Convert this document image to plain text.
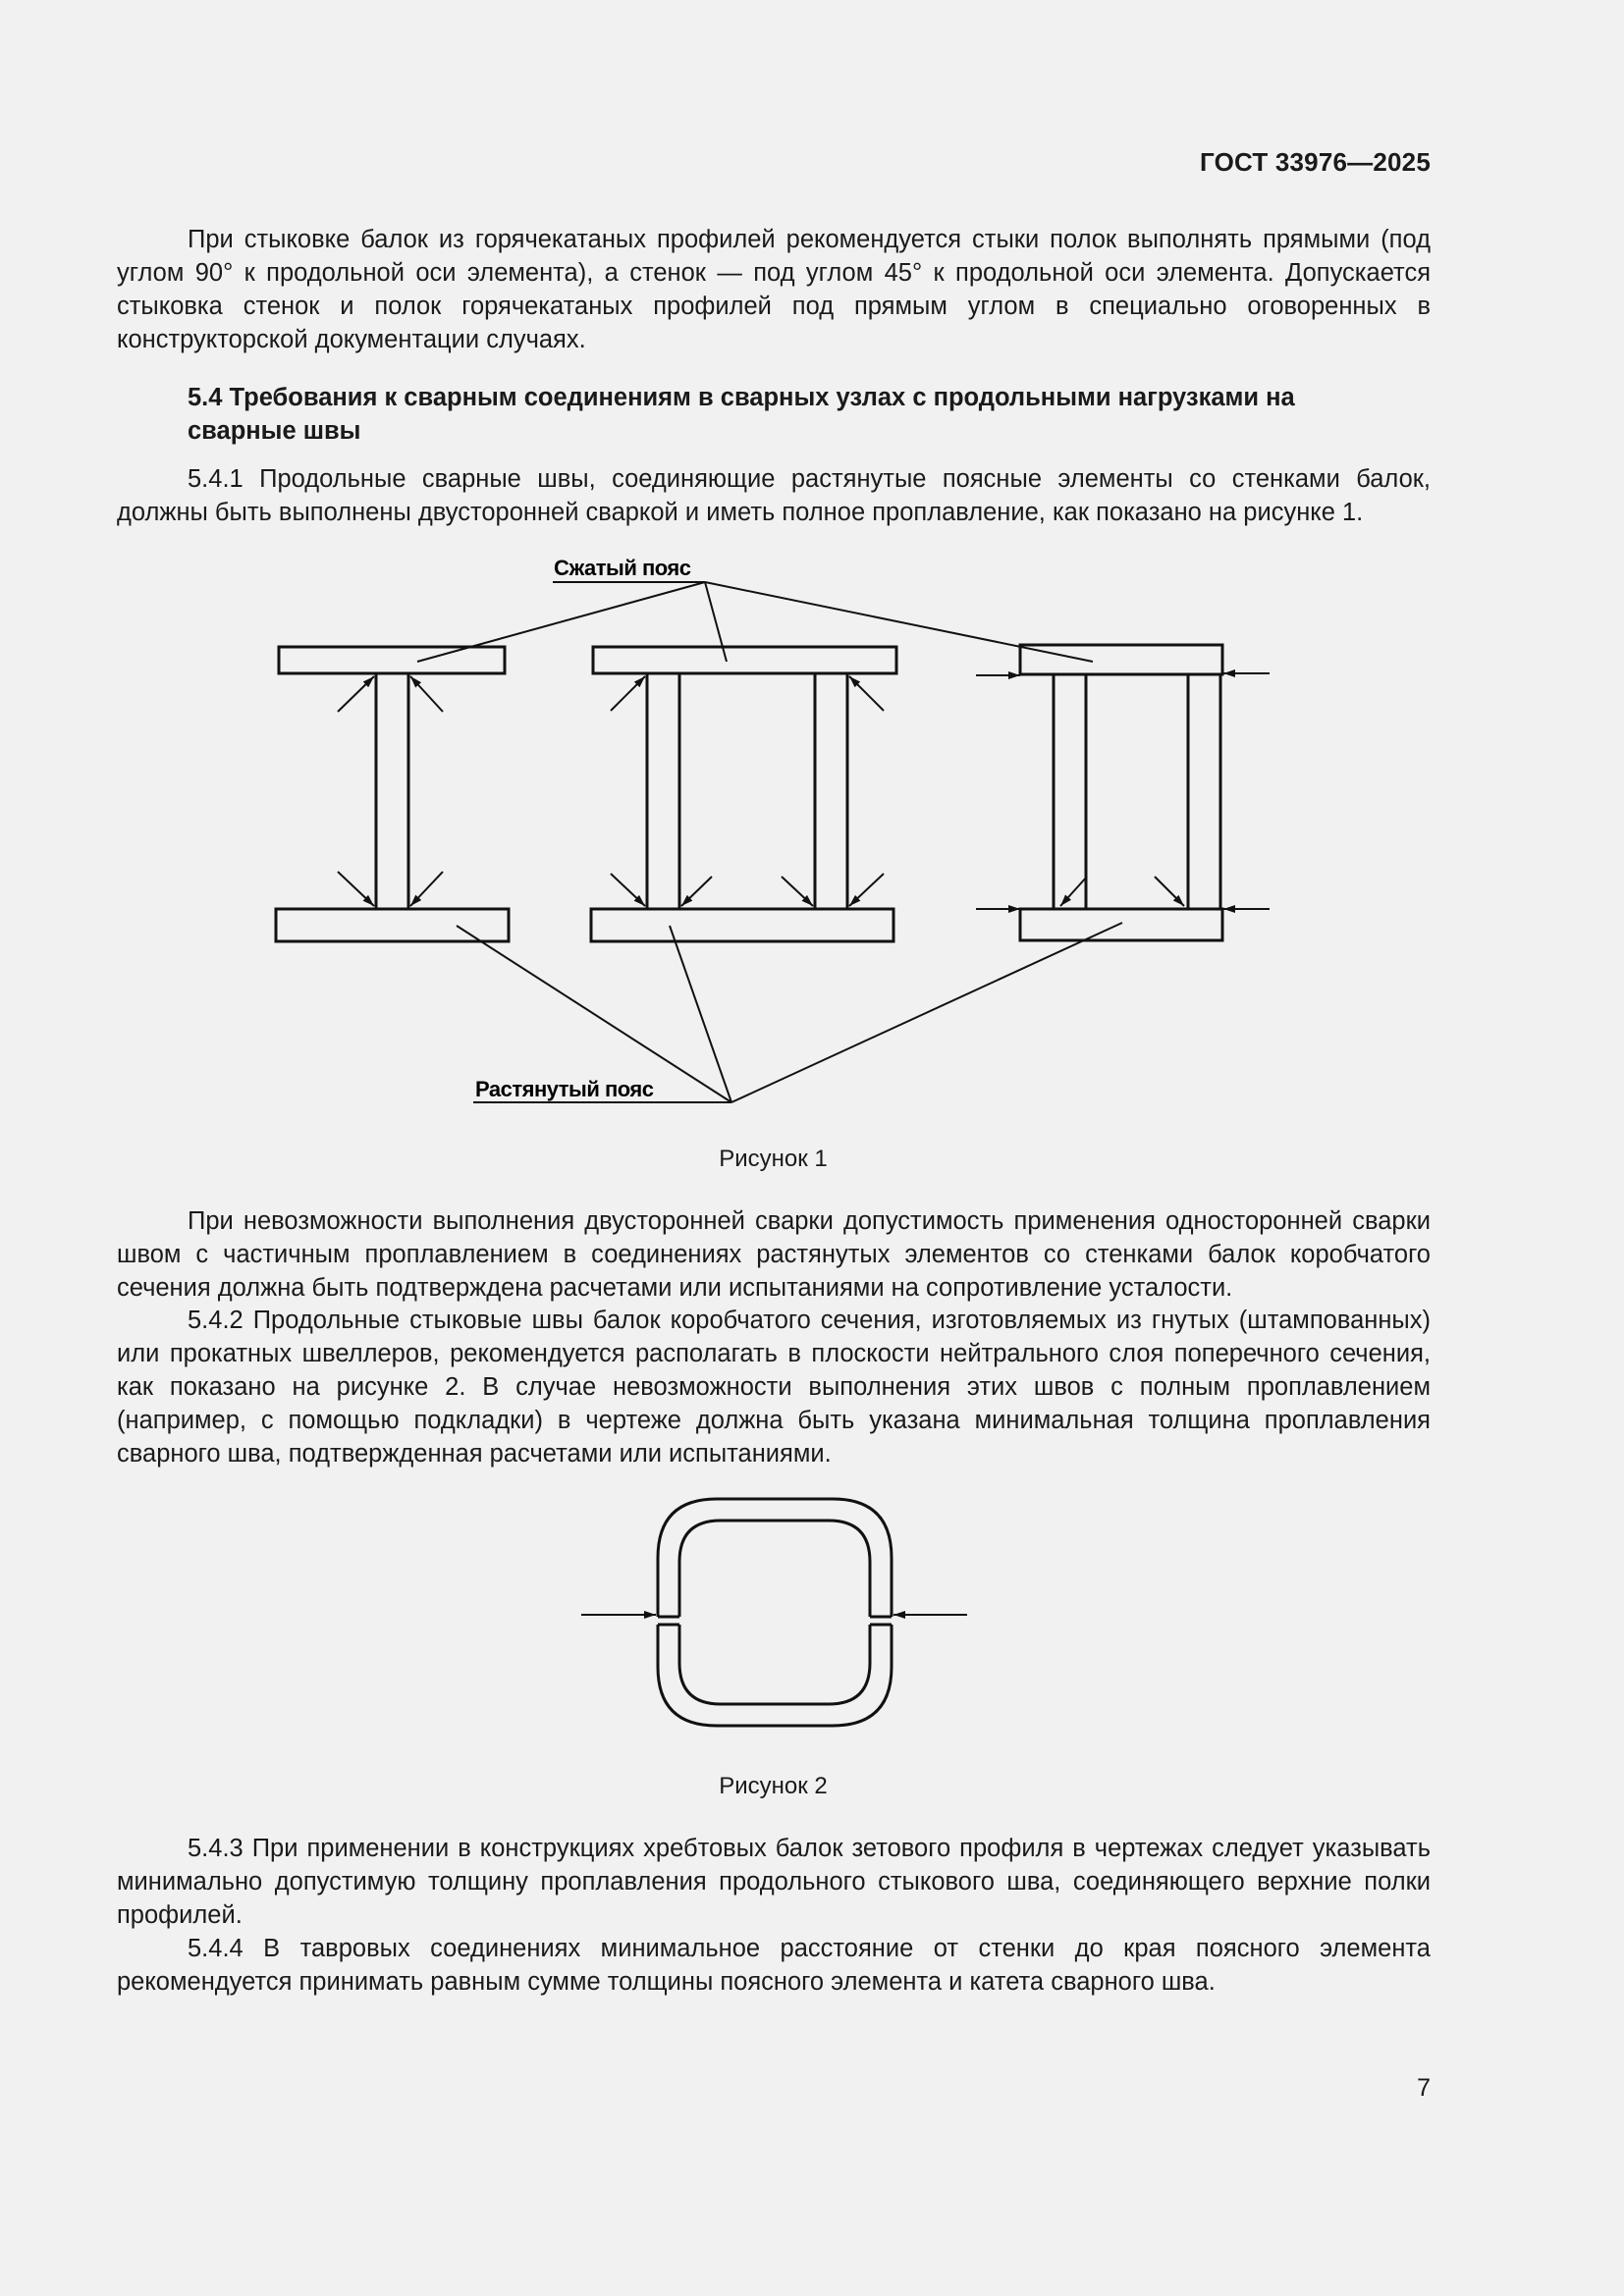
ГОСТ 33976—2025

При стыковке балок из горячекатаных профилей рекомендуется стыки полок выполнять прямыми (под углом 90° к продольной оси элемента), а стенок — под углом 45° к продольной оси элемента. Допускается стыковка стенок и полок горячекатаных профилей под прямым углом в специально оговоренных в конструкторской документации случаях.

5.4 Требования к сварным соединениям в сварных узлах с продольными нагрузками на сварные швы

5.4.1 Продольные сварные швы, соединяющие растянутые поясные элементы со стенками балок, должны быть выполнены двусторонней сваркой и иметь полное проплавление, как показано на рисунке 1.

Сжатый пояс
Растянутый пояс
Рисунок 1

При невозможности выполнения двусторонней сварки допустимость применения односторонней сварки швом с частичным проплавлением в соединениях растянутых элементов со стенками балок коробчатого сечения должна быть подтверждена расчетами или испытаниями на сопротивление усталости.

5.4.2 Продольные стыковые швы балок коробчатого сечения, изготовляемых из гнутых (штампованных) или прокатных швеллеров, рекомендуется располагать в плоскости нейтрального слоя поперечного сечения, как показано на рисунке 2. В случае невозможности выполнения этих швов с полным проплавлением (например, с помощью подкладки) в чертеже должна быть указана минимальная толщина проплавления сварного шва, подтвержденная расчетами или испытаниями.

Рисунок 2

5.4.3 При применении в конструкциях хребтовых балок зетового профиля в чертежах следует указывать минимально допустимую толщину проплавления продольного стыкового шва, соединяющего верхние полки профилей.

5.4.4 В тавровых соединениях минимальное расстояние от стенки до края поясного элемента рекомендуется принимать равным сумме толщины поясного элемента и катета сварного шва.

7
